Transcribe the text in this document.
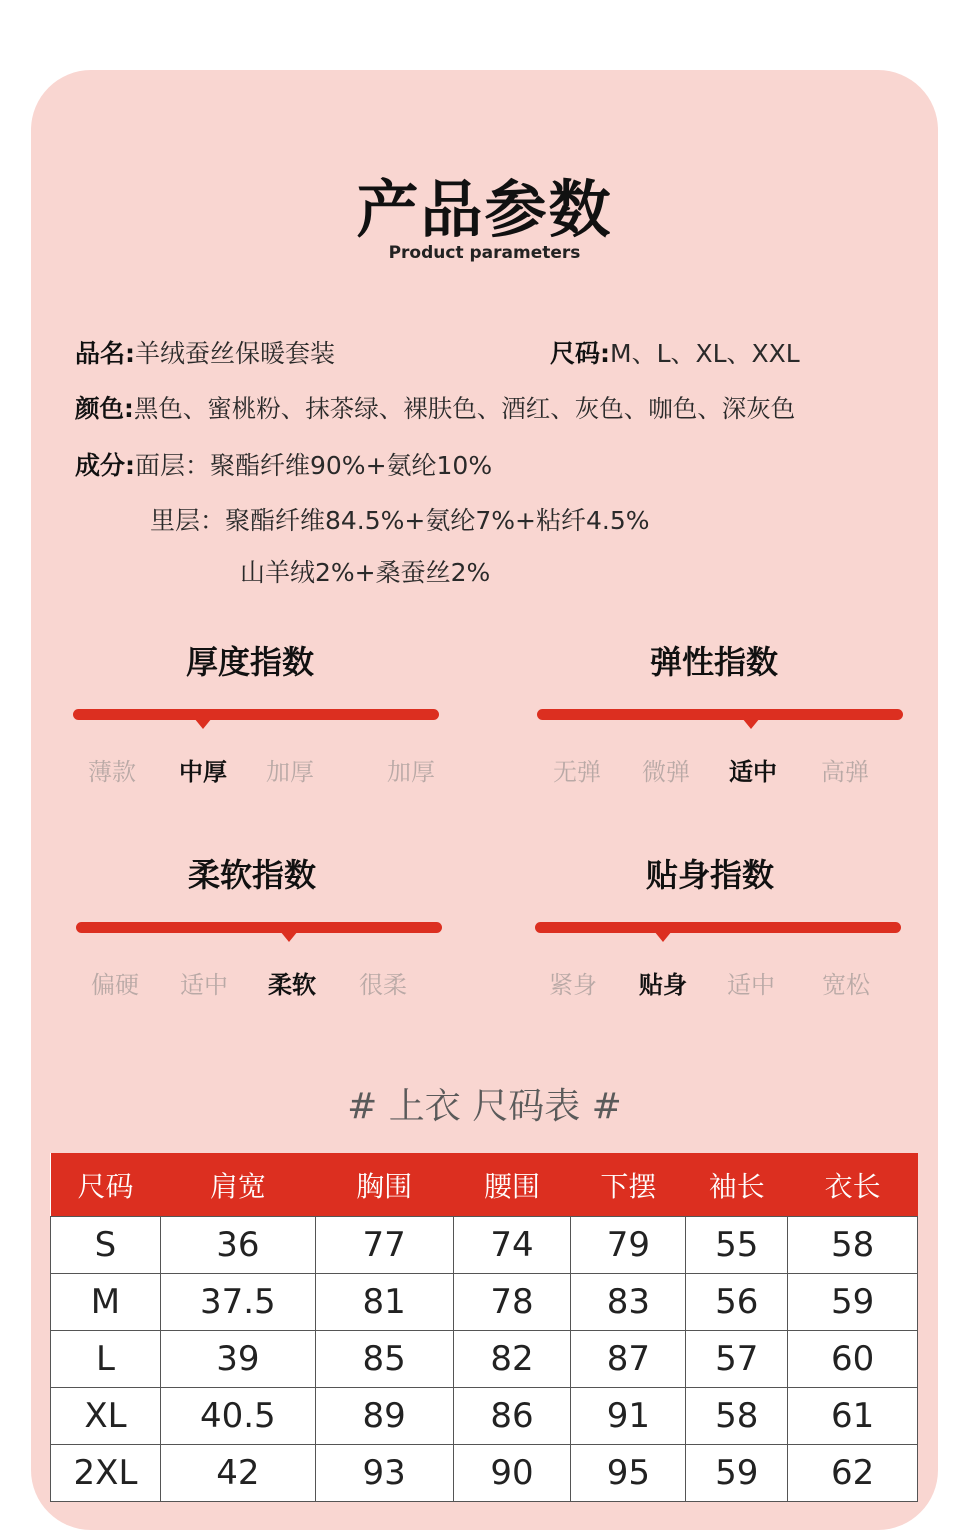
产品参数
Product parameters
品名:羊绒蚕丝保暖套装	尺码:M、L、XL、XXL
颜色:黑色、蜜桃粉、抹茶绿、裸肤色、酒红、灰色、咖色、深灰色
成分:面层：聚酯纤维90%+氨纶10%
里层：聚酯纤维84.5%+氨纶7%+粘纤4.5%
山羊绒2%+桑蚕丝2%
厚度指数
薄款	中厚	加厚	加厚
弹性指数
无弹	微弹	适中	高弹
柔软指数
偏硬	适中	柔软	很柔
贴身指数
紧身	贴身	适中	宽松
# 上衣 尺码表 #
尺码	肩宽	胸围	腰围	下摆	袖长	衣长
S	36	77	74	79	55	58
M	37.5	81	78	83	56	59
L	39	85	82	87	57	60
XL	40.5	89	86	91	58	61
2XL	42	93	90	95	59	62
